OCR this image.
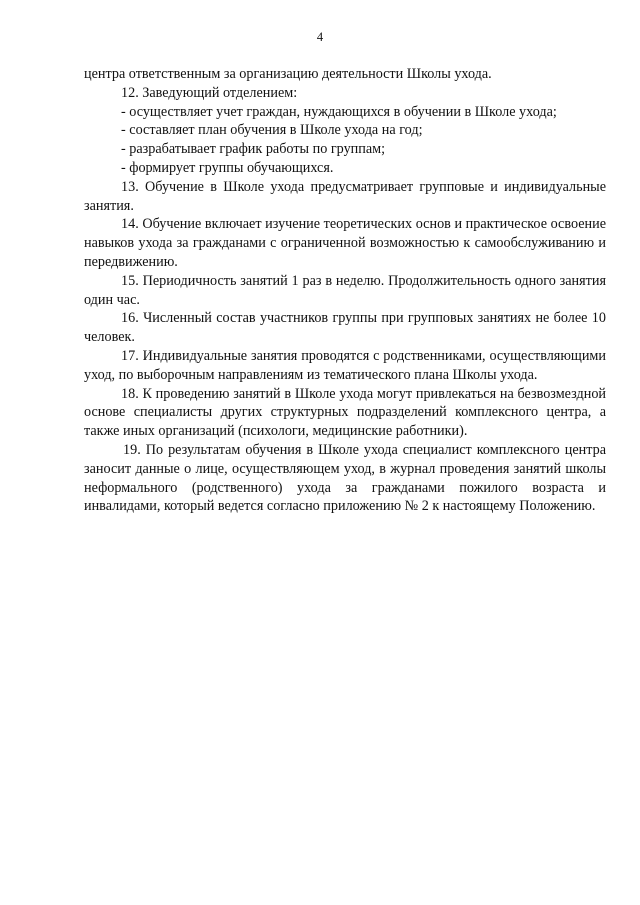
4

центра ответственным за организацию деятельности Школы ухода.

12. Заведующий отделением:

- осуществляет учет граждан, нуждающихся в обучении в Школе ухода;

- составляет план обучения в Школе ухода на год;

- разрабатывает график работы по группам;

- формирует группы обучающихся.

13. Обучение в Школе ухода предусматривает групповые и индивидуальные занятия.

14. Обучение включает изучение теоретических основ и практическое освоение навыков ухода за гражданами с ограниченной возможностью к самообслуживанию и передвижению.

15. Периодичность занятий 1 раз в неделю. Продолжительность одного занятия один час.

16. Численный состав участников группы при групповых занятиях не более 10 человек.

17. Индивидуальные занятия проводятся с родственниками, осуществляющими уход, по выборочным направлениям из тематического плана Школы ухода.

18. К проведению занятий в Школе ухода могут привлекаться на безвозмездной основе специалисты других структурных подразделений комплексного центра, а также иных организаций (психологи, медицинские работники).

19. По результатам обучения в Школе ухода специалист комплексного центра заносит данные о лице, осуществляющем уход, в журнал проведения занятий школы неформального (родственного) ухода за гражданами пожилого возраста и инвалидами, который ведется согласно приложению № 2 к настоящему Положению.
